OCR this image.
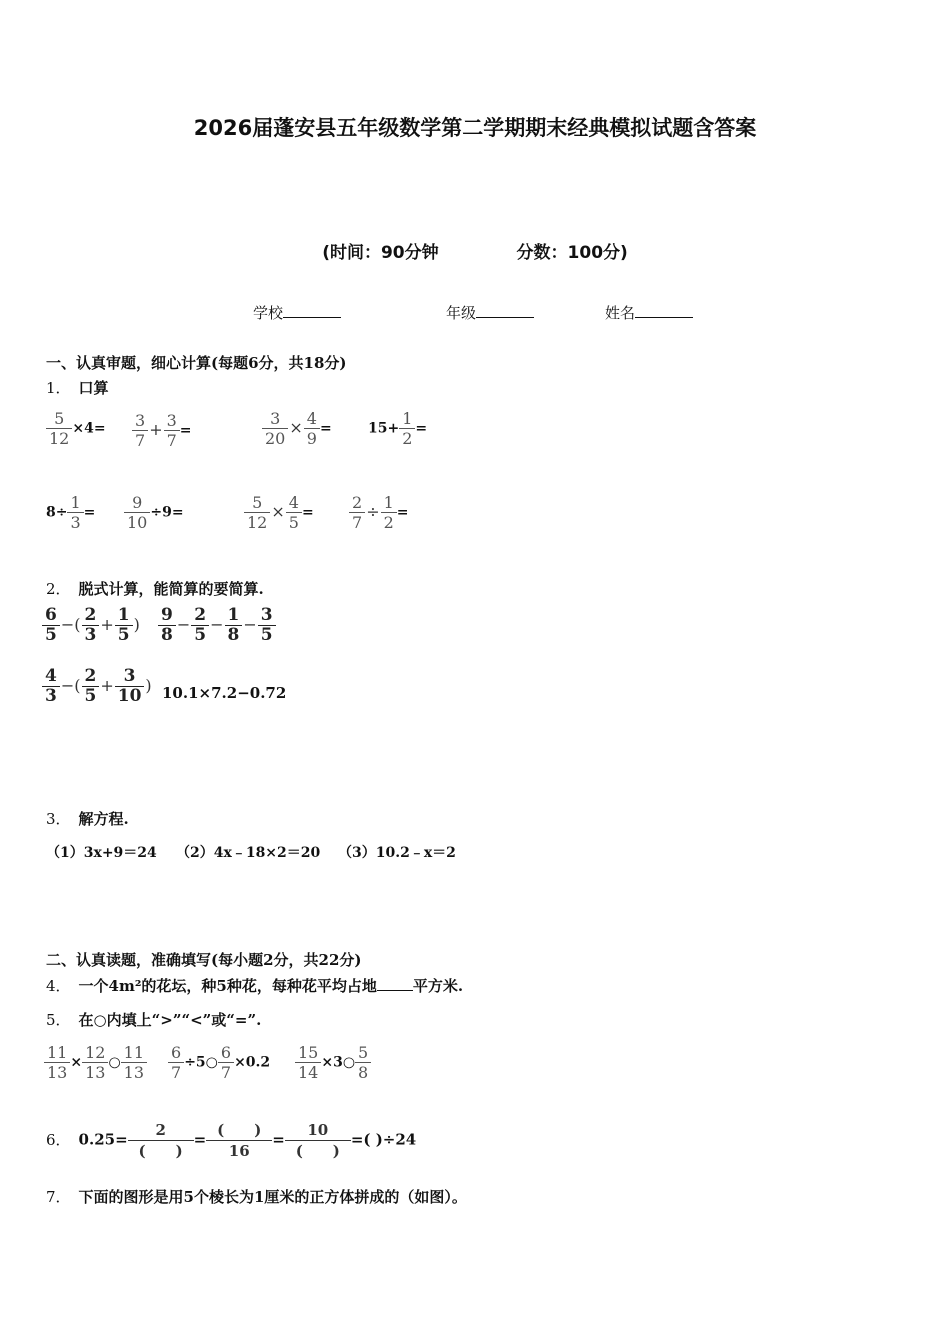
2026届蓬安县五年级数学第二学期期末经典模拟试题含答案
(时间：90分钟	分数：100分)
学校	年级	姓名
一、认真审题，细心计算(每题6分，共18分)
1． 口算
$\frac{5}{12} \times 4= \frac{3}{7} + \frac{3}{7}$ =	$\frac{3}{20} \times \frac{4}{9}$ =	$15+ \frac{1}{2}$ =
$8\div \frac{1}{3} = \frac{9}{10} \div 9=$	$\frac{5}{12} \times \frac{4}{5} = \frac{2}{7} \div \frac{1}{2}$ =
2． 脱式计算，能简算的要简算.
$\frac{6}{5}$ −( $\frac{2}{3} + \frac{1}{5}$ ) $\frac{9}{8} - \frac{2}{5} - \frac{1}{8} - \frac{3}{5}$
$\frac{4}{3}$ −( $\frac{2}{5} + \frac{3}{10}$ ) 10.1×7.2−0.72
3． 解方程.
（1）3x+9＝24 （2）4x﹣18×2＝20 （3）10.2﹣x＝2
二、认真读题，准确填写(每小题2分，共22分)
4． 一个4m²的花坛，种5种花，每种花平均占地 平方米.
5． 在○内填上“>”“<”或“=”.
$\frac{11}{13} \times \frac{12}{13}$ ○ $\frac{11}{13} \frac{6}{7}$ ÷5○ $\frac{6}{7} \times 0.2 \frac{15}{14}$ ×3○ $\frac{5}{8}$
6． 0.25=
2
(　　)
=
(　　)
16
=
10
(　　)
=( )÷24
7． 下面的图形是用5个棱长为1厘米的正方体拼成的（如图）。
